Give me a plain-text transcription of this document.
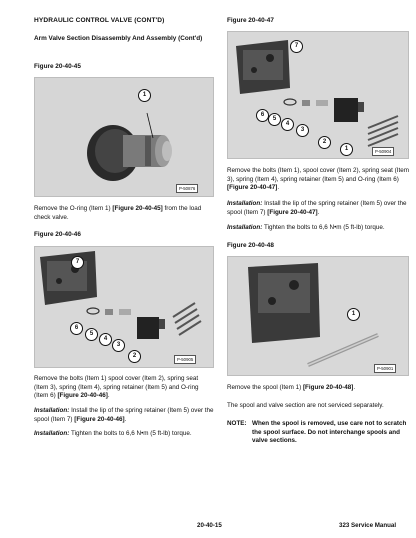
HYDRAULIC CONTROL VALVE (CONT'D)
Arm Valve Section Disassembly And Assembly (Cont'd)
Figure 20-40-45
1
P-50876
Remove the O-ring (Item 1) [Figure 20-40-45] from the load check valve.
Figure 20-40-46
7
6
5
4
3
2
P-50905
Remove the bolts (Item 1) spool cover (Item 2), spring seat (Item 3), spring (Item 4), spring retainer (Item 5) and O-ring (Item 6) [Figure 20-40-46].
Installation: Install the lip of the spring retainer (Item 5) over the spool (Item 7) [Figure 20-40-46].
Installation: Tighten the bolts to 6,6 N•m (5 ft-lb) torque.
Figure 20-40-47
7
6
5
4
3
2
1	P-50904
Remove the bolts (Item 1), spool cover (Item 2), spring seat (Item 3), spring (Item 4), spring retainer (Item 5) and O-ring (Item 6) [Figure 20-40-47].
Installation: Install the lip of the spring retainer (Item 5) over the spool (Item 7) [Figure 20-40-47].
Installation: Tighten the bolts to 6,6 N•m (5 ft-lb) torque.
Figure 20-40-48
1
P-50901
Remove the spool (Item 1) [Figure 20-40-48].
The spool and valve section are not serviced separately.
NOTE: When the spool is removed, use care not to scratch the spool surface. Do not interchange spools and valve sections.
20-40-15	323 Service Manual
